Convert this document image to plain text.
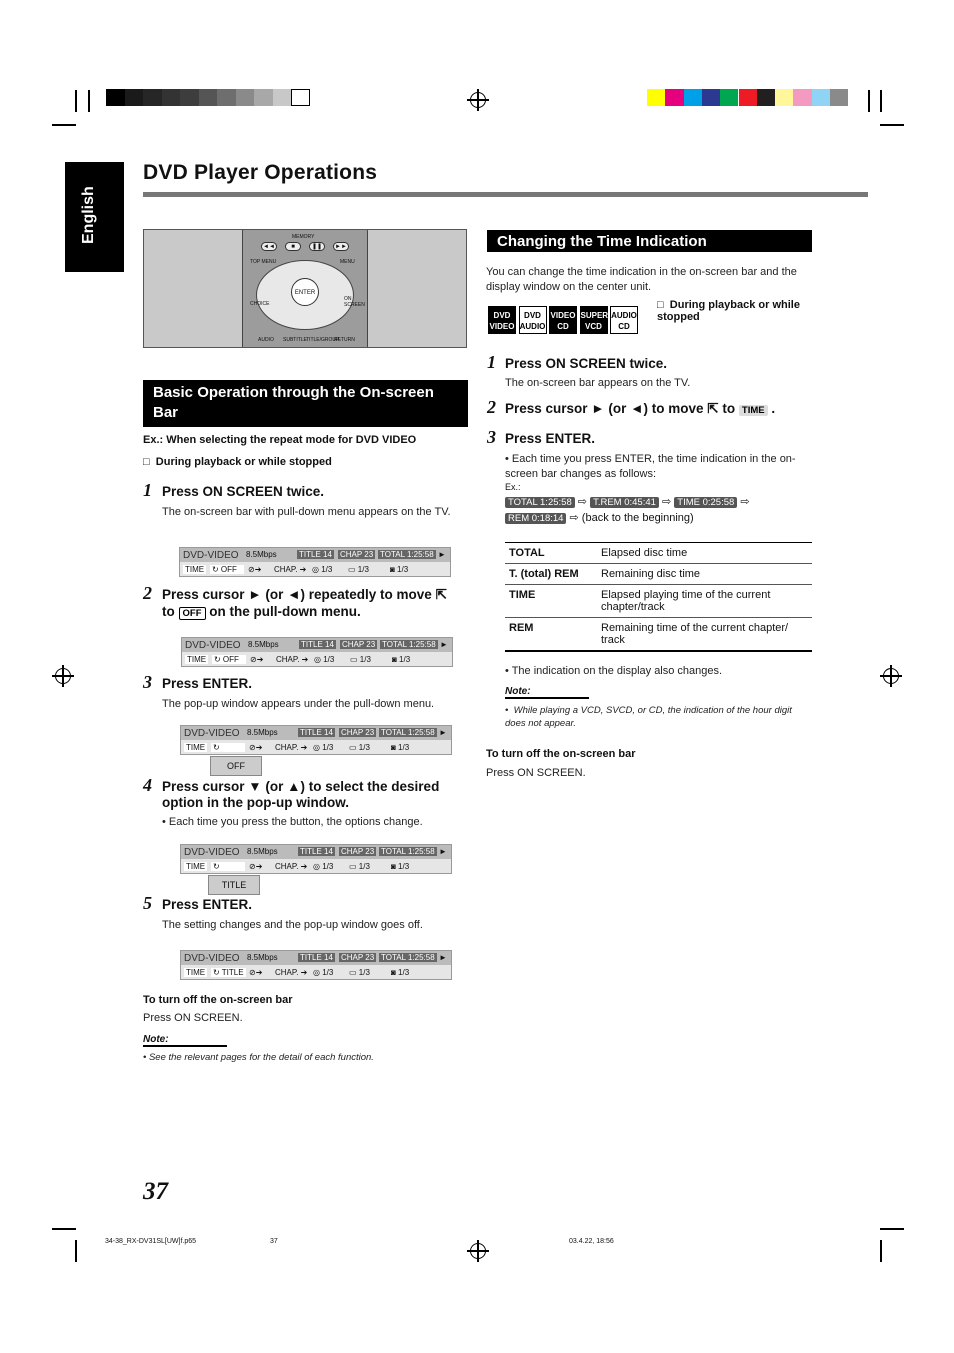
English
DVD Player Operations
ENTER
MEMORY
TOP MENU	MENU
CHOICE
ON SCREEN
AUDIO SUBTITLE TITLE/GROUP
RETURN
◄◄	■	❚❚	►►
Basic Operation through the On-screen Bar
Ex.: When selecting the repeat mode for DVD VIDEO
□ During playback or while stopped
1 Press ON SCREEN twice.
The on-screen bar with pull-down menu appears on the TV.
DVD-VIDEO 8.5Mbps	TITLE 14 CHAP 23 TOTAL 1:25:58 ►
TIME ↻ OFF	⊘➔ CHAP. ➔ ◎ 1/3 ▭ 1/3	◙ 1/3
2 Press cursor ► (or ◄) repeatedly to move ⇱
to OFF on the pull-down menu.
DVD-VIDEO 8.5Mbps	TITLE 14 CHAP 23 TOTAL 1:25:58 ►
TIME ↻ OFF	⊘➔ CHAP. ➔ ◎ 1/3 ▭ 1/3	◙ 1/3
3 Press ENTER.
The pop-up window appears under the pull-down menu.
DVD-VIDEO 8.5Mbps	TITLE 14 CHAP 23 TOTAL 1:25:58 ►
TIME ↻	⊘➔ CHAP. ➔ ◎ 1/3 ▭ 1/3	◙ 1/3
OFF
4 Press cursor ▼ (or ▲) to select the desired option in the pop-up window.
• Each time you press the button, the options change.
DVD-VIDEO 8.5Mbps	TITLE 14 CHAP 23 TOTAL 1:25:58 ►
TIME ↻	⊘➔ CHAP. ➔ ◎ 1/3 ▭ 1/3	◙ 1/3
TITLE
5 Press ENTER.
The setting changes and the pop-up window goes off.
DVD-VIDEO 8.5Mbps	TITLE 14 CHAP 23 TOTAL 1:25:58 ►
TIME ↻ TITLE ⊘➔ CHAP. ➔ ◎ 1/3 ▭ 1/3	◙ 1/3
To turn off the on-screen bar
Press ON SCREEN.
Note:
• See the relevant pages for the detail of each function.
Changing the Time Indication
You can change the time indication in the on-screen bar and the display window on the center unit.
DVD VIDEO
DVD AUDIO
VIDEO CD
SUPER VCD
AUDIO CD
□ During playback or while stopped
1 Press ON SCREEN twice.
The on-screen bar appears on the TV.
2 Press cursor ► (or ◄) to move ⇱ to TIME .
3 Press ENTER.
• Each time you press ENTER, the time indication in the on-screen bar changes as follows:
Ex.:
TOTAL 1:25:58 ⇨ T.REM 0:45:41 ⇨ TIME 0:25:58 ⇨
REM 0:18:14 ⇨ (back to the beginning)
TOTAL	Elapsed disc time
T. (total) REM	Remaining disc time
TIME	Elapsed playing time of the current chapter/track
REM	Remaining time of the current chapter/ track
• The indication on the display also changes.
Note:
•  While playing a VCD, SVCD, or CD, the indication of the hour digit does not appear.
To turn off the on-screen bar
Press ON SCREEN.
37
34-38_RX-DV31SL[UW]f.p65	37	03.4.22, 18:56
